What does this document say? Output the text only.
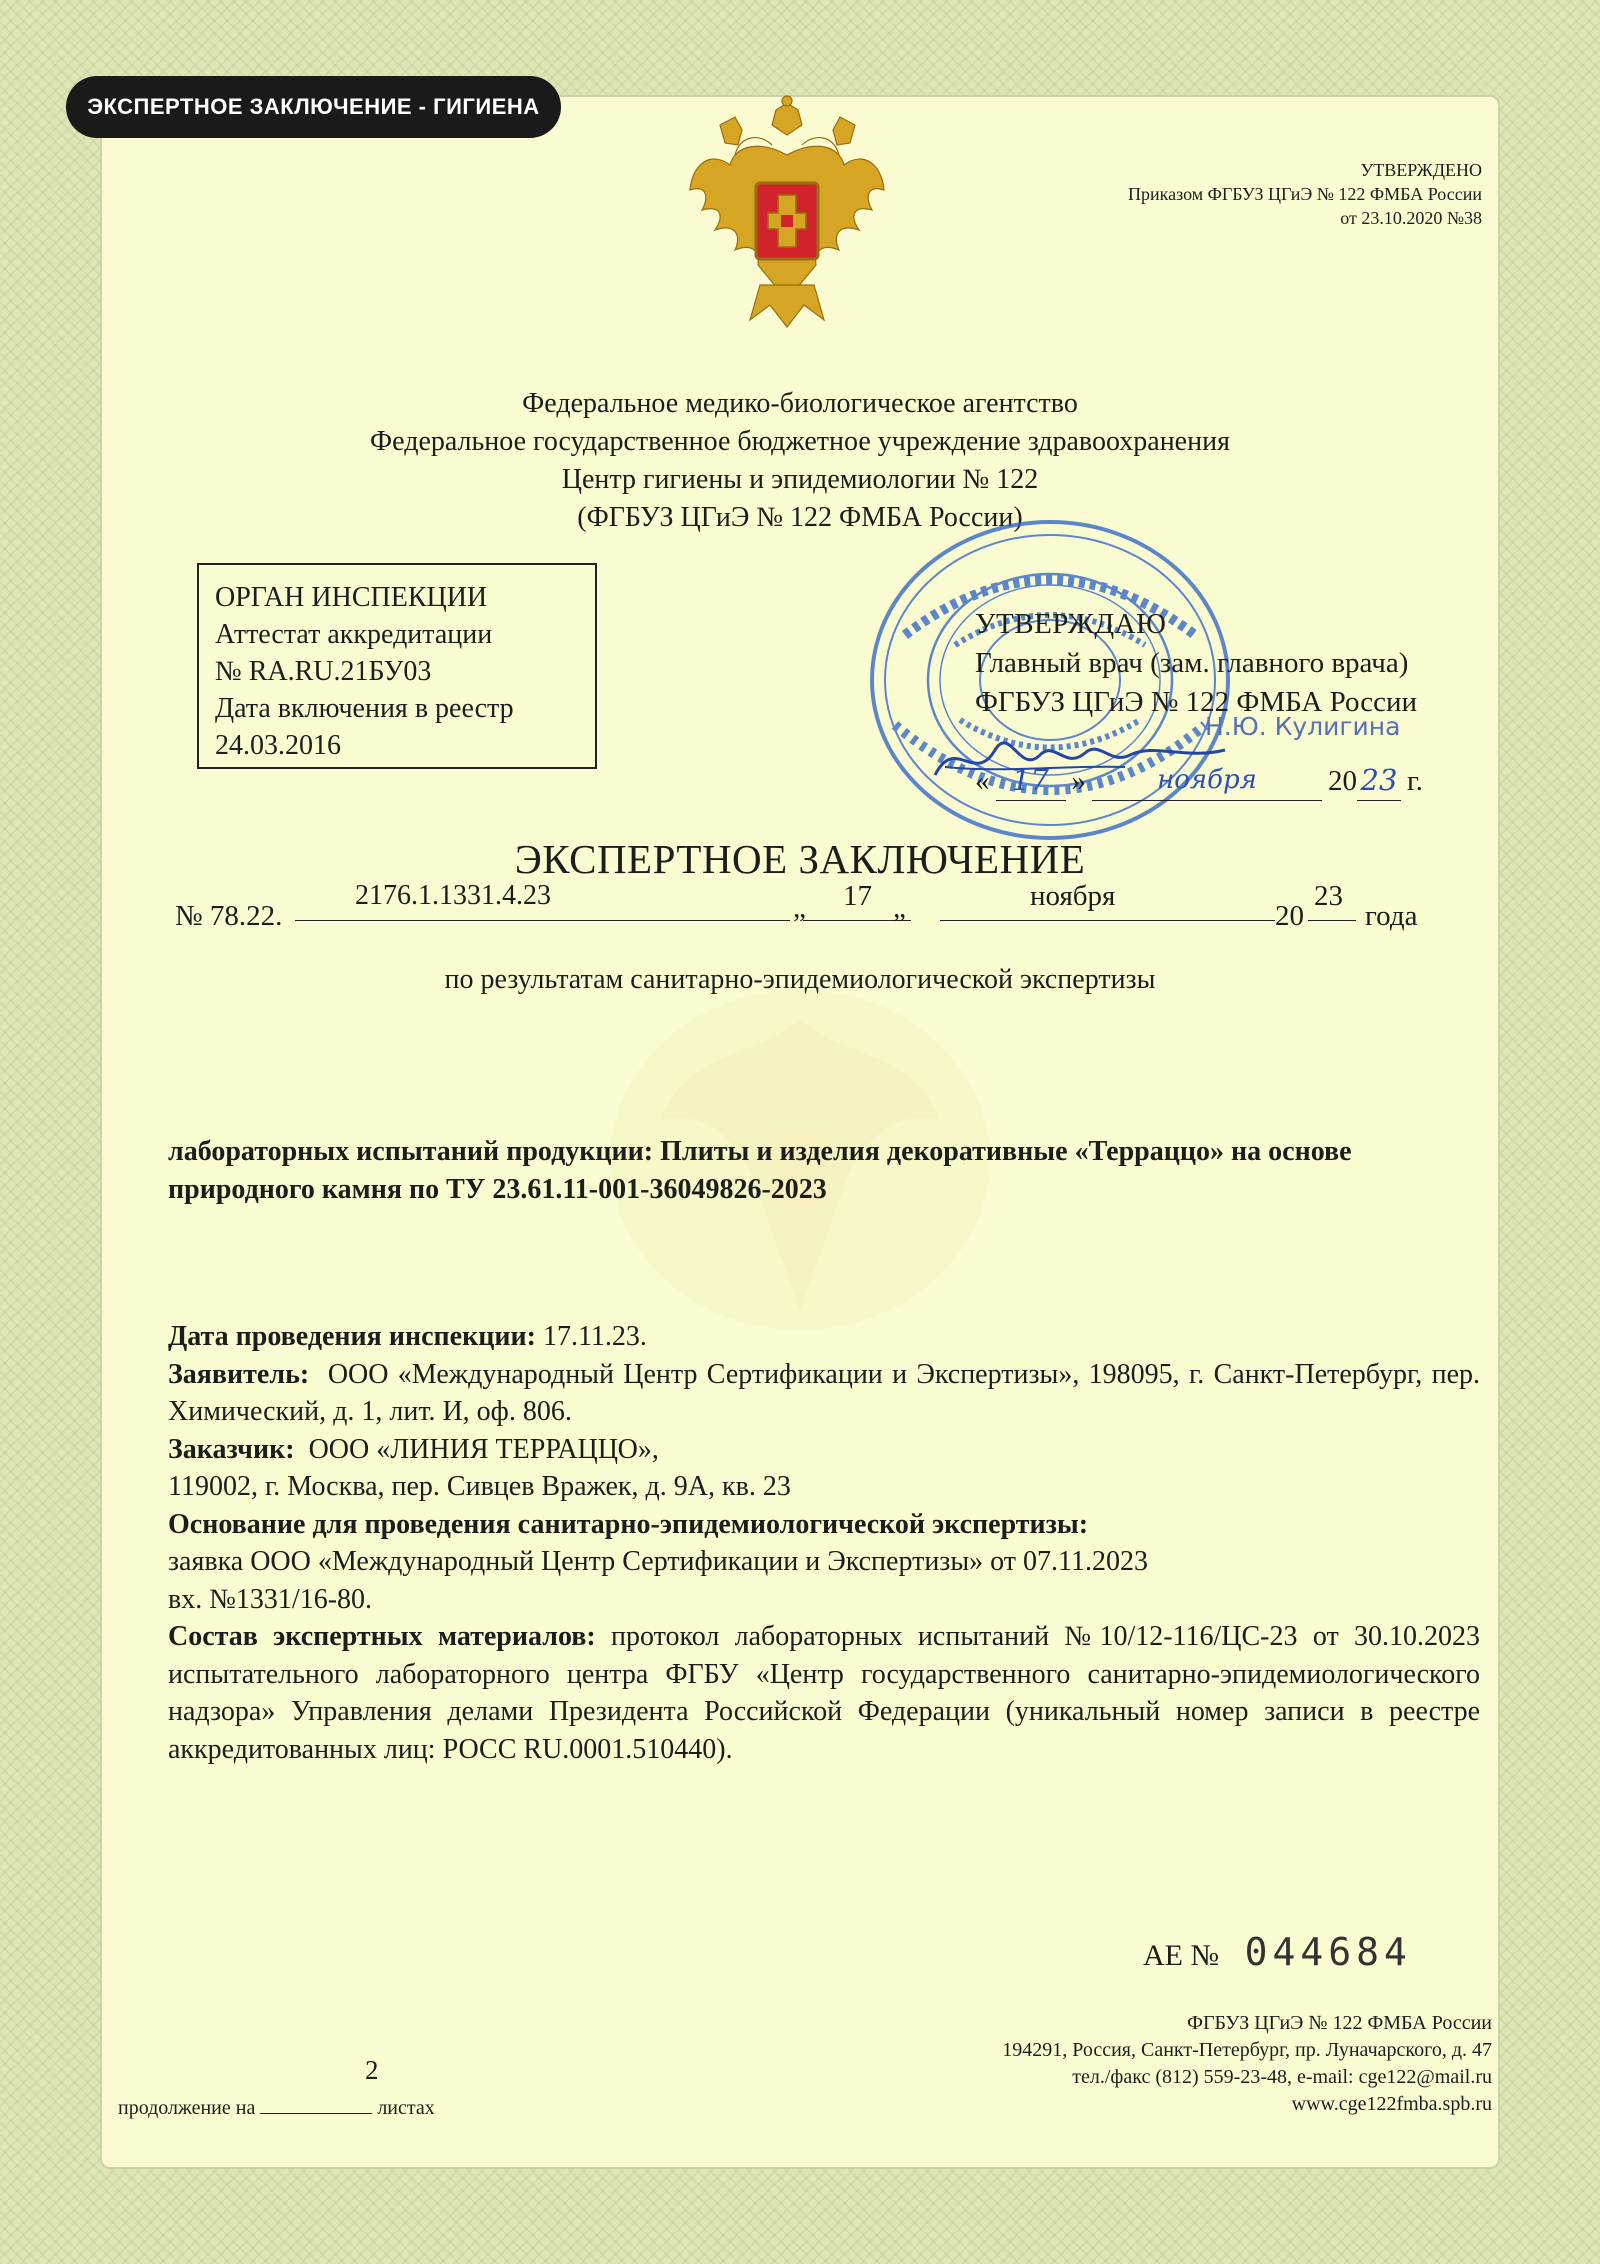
ЭКСПЕРТНОЕ ЗАКЛЮЧЕНИЕ - ГИГИЕНА
УТВЕРЖДЕНО
Приказом ФГБУЗ ЦГиЭ № 122 ФМБА России
от 23.10.2020 №38
Федеральное медико-биологическое агентство
Федеральное государственное бюджетное учреждение здравоохранения
Центр гигиены и эпидемиологии № 122
(ФГБУЗ ЦГиЭ № 122 ФМБА России)
ОРГАН ИНСПЕКЦИИ
Аттестат аккредитации
№ RA.RU.21БУ03
Дата включения в реестр
24.03.2016
УТВЕРЖДАЮ
Главный врач (зам. главного врача)
ФГБУЗ ЦГиЭ № 122 ФМБА России
« 17 »	ноября	20 23 г.
Н.Ю. Кулигина
ЭКСПЕРТНОЕ ЗАКЛЮЧЕНИЕ
№ 78.22.
2176.1.1331.4.23	„ 17 „	ноября
20
23
года
по результатам санитарно-эпидемиологической экспертизы
лабораторных испытаний продукции: Плиты и изделия декоративные «Терраццо» на основе природного камня по ТУ 23.61.11-001-36049826-2023

Дата проведения инспекции: 17.11.23.

Заявитель: ООО «Международный Центр Сертификации и Экспертизы», 198095, г. Санкт-Петербург, пер. Химический, д. 1, лит. И, оф. 806.

Заказчик: ООО «ЛИНИЯ ТЕРРАЦЦО»,

119002, г. Москва, пер. Сивцев Вражек, д. 9А, кв. 23

Основание для проведения санитарно-эпидемиологической экспертизы:

заявка ООО «Международный Центр Сертификации и Экспертизы» от 07.11.2023

вх. №1331/16-80.

Состав экспертных материалов: протокол лабораторных испытаний №10/12-116/ЦС-23 от 30.10.2023 испытательного лабораторного центра ФГБУ «Центр государственного санитарно-эпидемиологического надзора» Управления делами Президента Российской Федерации (уникальный номер записи в реестре аккредитованных лиц: РОСС RU.0001.510440).

АЕ № 044684
ФГБУЗ ЦГиЭ № 122 ФМБА России
194291, Россия, Санкт-Петербург, пр. Луначарского, д. 47
тел./факс (812) 559-23-48, e-mail: cge122@mail.ru
www.cge122fmba.spb.ru
2
продолжение на	листах
